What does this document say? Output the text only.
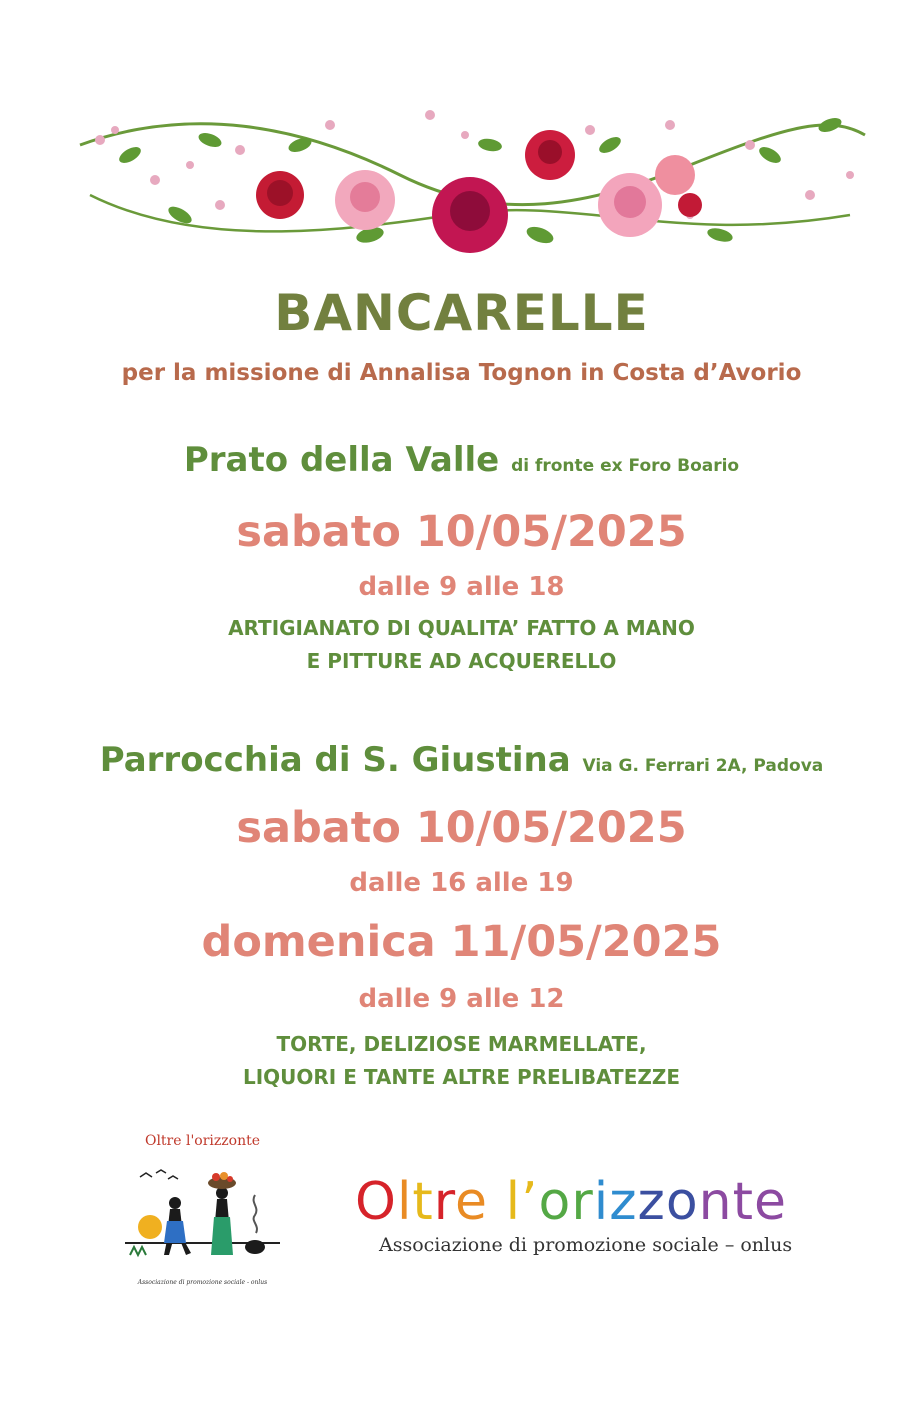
BANCARELLE
per la missione di Annalisa Tognon in Costa d’Avorio
Prato della Valle di fronte ex Foro Boario
sabato 10/05/2025
dalle 9 alle 18
ARTIGIANATO DI QUALITA’ FATTO A MANO
E PITTURE AD ACQUERELLO
Parrocchia di S. Giustina Via G. Ferrari 2A, Padova
sabato 10/05/2025
dalle 16 alle 19
domenica 11/05/2025
dalle 9 alle 12
TORTE, DELIZIOSE MARMELLATE,
LIQUORI E TANTE ALTRE PRELIBATEZZE
Oltre l'orizzonte
Associazione di promozione sociale - onlus
Oltre l’orizzonte
Associazione di promozione sociale – onlus
